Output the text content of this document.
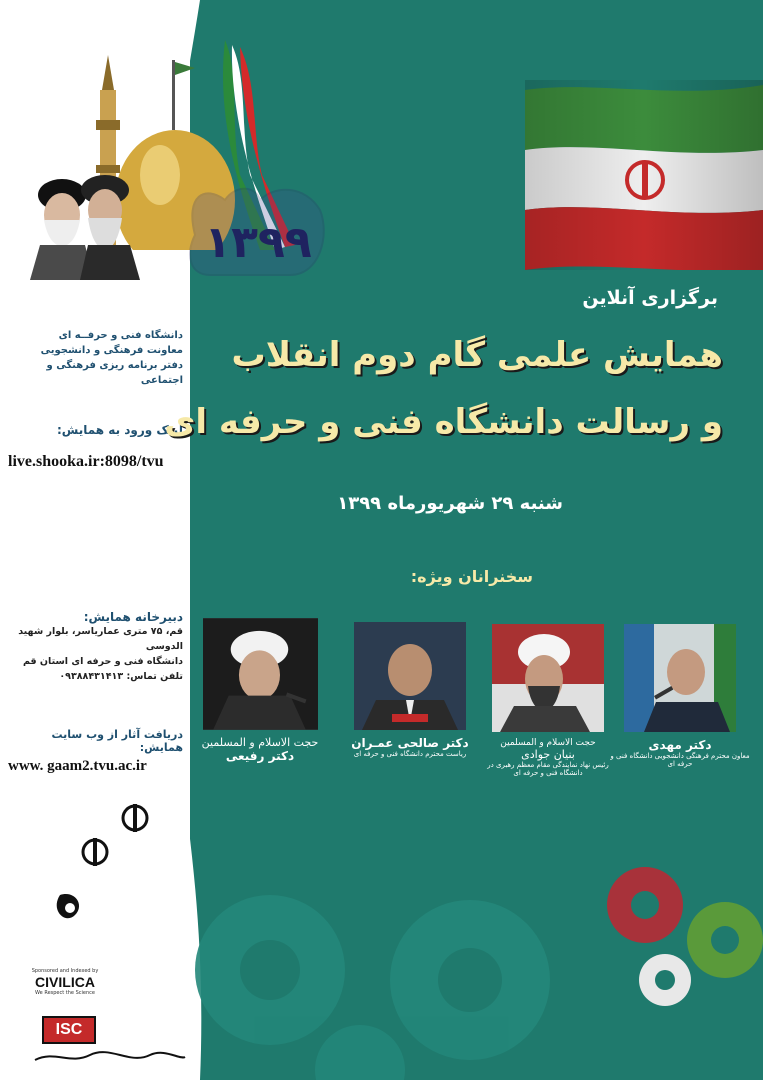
۱۳۹۹
دانشگاه فنی و حرفــه ای
معاونت فرهنگی و دانشجویی
دفتر برنامه ریزی فرهنگی و اجتماعی
لینک ورود به همایش:
live.shooka.ir:8098/tvu
دبیرخانه همایش:
قم، ۷۵ متری عماریاسر، بلوار شهید الدوسی
دانشگاه فنی و حرفه ای استان قم
تلفن تماس: ۰۹۳۸۸۴۳۱۴۱۳
دریافت آثار از وب سایت همایش:
www. gaam2.tvu.ac.ir
Sponsored and Indexed by
CIVILICA
We Respect the Science
ISC
برگزاری آنلاین
همایش علمی گام دوم انقلاب
و رسالت دانشگاه فنی و حرفه ای
شنبه ۲۹ شهریورماه ۱۳۹۹
سخنرانان ویژه:
حجت الاسلام و المسلمین
دکتر رفیعی
دکتر صالحی عمـران
ریاست محترم دانشگاه فنی و حرفه ای
حجت الاسلام و المسلمین
بنیان جوادی
رئیس نهاد نمایندگی مقام معظم رهبری در دانشگاه فنی و حرفه ای
دکتر مهدی
معاون محترم فرهنگی دانشجویی دانشگاه فنی و حرفه ای
